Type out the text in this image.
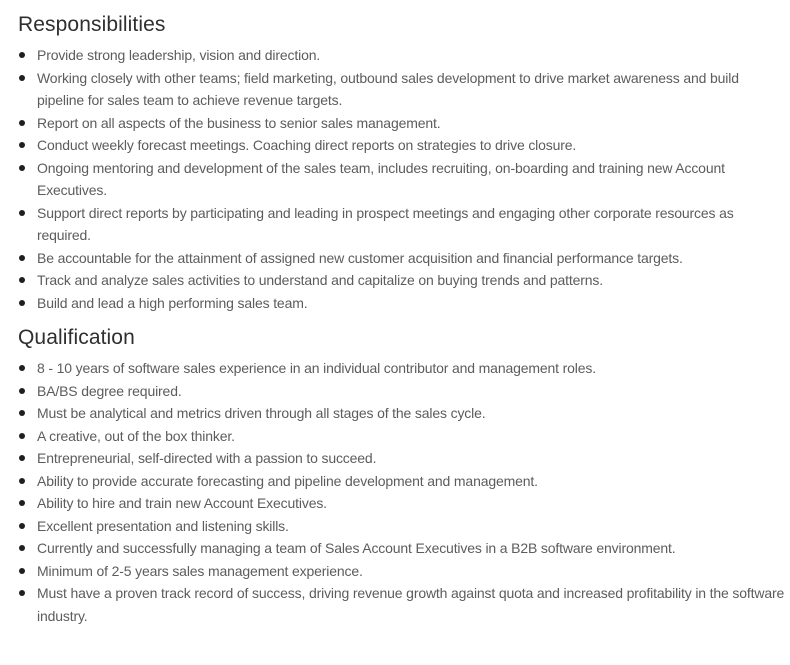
Responsibilities
Provide strong leadership, vision and direction.
Working closely with other teams; field marketing, outbound sales development to drive market awareness and build pipeline for sales team to achieve revenue targets.
Report on all aspects of the business to senior sales management.
Conduct weekly forecast meetings. Coaching direct reports on strategies to drive closure.
Ongoing mentoring and development of the sales team, includes recruiting, on-boarding and training new Account Executives.
Support direct reports by participating and leading in prospect meetings and engaging other corporate resources as required.
Be accountable for the attainment of assigned new customer acquisition and financial performance targets.
Track and analyze sales activities to understand and capitalize on buying trends and patterns.
Build and lead a high performing sales team.
Qualification
8 - 10 years of software sales experience in an individual contributor and management roles.
BA/BS degree required.
Must be analytical and metrics driven through all stages of the sales cycle.
A creative, out of the box thinker.
Entrepreneurial, self-directed with a passion to succeed.
Ability to provide accurate forecasting and pipeline development and management.
Ability to hire and train new Account Executives.
Excellent presentation and listening skills.
Currently and successfully managing a team of Sales Account Executives in a B2B software environment.
Minimum of 2-5 years sales management experience.
Must have a proven track record of success, driving revenue growth against quota and increased profitability in the software industry.
